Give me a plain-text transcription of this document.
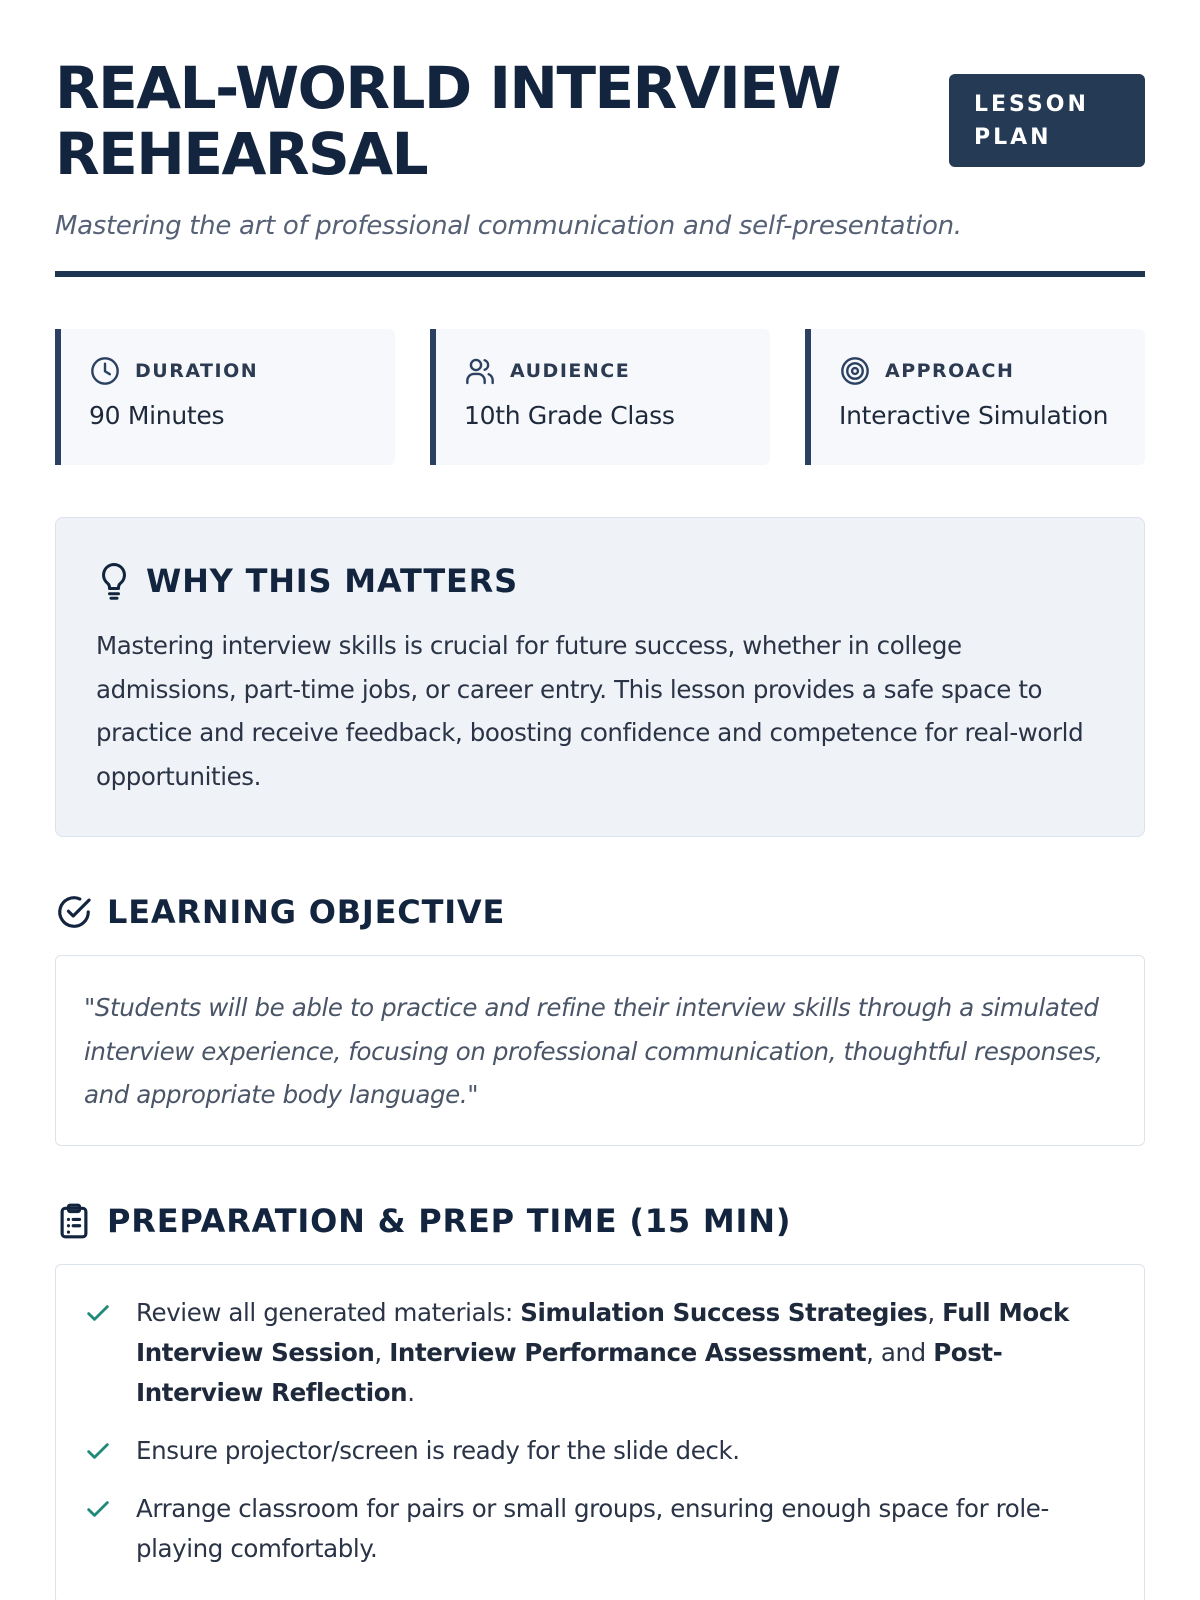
REAL-WORLD INTERVIEW REHEARSAL
LESSON PLAN

Mastering the art of professional communication and self-presentation.

DURATION
90 Minutes
AUDIENCE
10th Grade Class
APPROACH
Interactive Simulation
WHY THIS MATTERS

Mastering interview skills is crucial for future success, whether in college admissions, part-time jobs, or career entry. This lesson provides a safe space to practice and receive feedback, boosting confidence and competence for real-world opportunities.

LEARNING OBJECTIVE
"Students will be able to practice and refine their interview skills through a simulated interview experience, focusing on professional communication, thoughtful responses, and appropriate body language."
PREPARATION & PREP TIME (15 MIN)
Review all generated materials: Simulation Success Strategies, Full Mock Interview Session, Interview Performance Assessment, and Post-Interview Reflection.
Ensure projector/screen is ready for the slide deck.
Arrange classroom for pairs or small groups, ensuring enough space for role-playing comfortably.
